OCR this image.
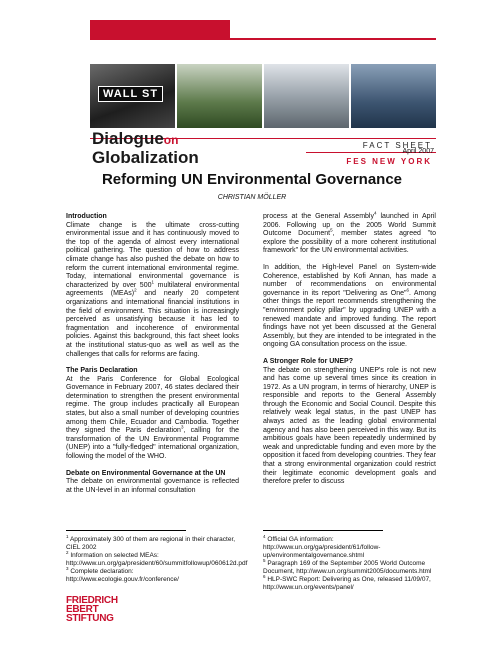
WALL ST
Dialogueon
Globalization
FACT SHEET
FES NEW YORK
April 2007
Reforming UN Environmental Governance
CHRISTIAN MÖLLER
Introduction

Climate change is the ultimate cross-cutting environmental issue and it has continuously moved to the top of the agenda of almost every international political gathering. The question of how to address climate change has also pushed the debate on how to reform the current international environmental regime. Today, international environmental governance is characterized by over $500^1$ multilateral environmental agreements (MEAs)$^2$ and nearly 20 competent organizations and international financial institutions in the field of environment. This situation is increasingly perceived as unsatisfying because it has led to fragmentation and incoherence of environmental policies. Against this background, this fact sheet looks at the institutional status-quo as well as well as the challenges that calls for reforms are facing.

The Paris Declaration

At the Paris Conference for Global Ecological Governance in February 2007, 46 states declared their determination to strengthen the present environmental regime. The group includes practically all European states, but also a small number of developing countries among them Chile, Ecuador and Cambodia. Together they signed the Paris declaration$^3$, calling for the transformation of the UN Environmental Programme (UNEP) into a "fully-fledged" international organization, following the model of the WHO.

Debate on Environmental Governance at the UN

The debate on environmental governance is reflected at the UN-level in an informal consultation

process at the General Assembly$^4$ launched in April 2006. Following up on the 2005 World Summit Outcome Document$^5$, member states agreed "to explore the possibility of a more coherent institutional framework" for the UN environmental activities.

In addition, the High-level Panel on System-wide Coherence, established by Kofi Annan, has made a number of recommendations on environmental governance in its report "Delivering as One"$^6$. Among other things the report recommends strengthening the "environment policy pillar" by upgrading UNEP with a renewed mandate and improved funding. The report findings have not yet been discussed at the General Assembly, but they are intended to be integrated in the ongoing GA consultation process on the issue.

A Stronger Role for UNEP?

The debate on strengthening UNEP's role is not new and has come up several times since its creation in 1972. As a UN program, in terms of hierarchy, UNEP is responsible and reports to the General Assembly through the Economic and Social Council. Despite this relatively weak legal status, in the past UNEP has always acted as the leading global environmental agency and has also been perceived in this way. But its ambitious goals have been repeatedly undermined by weak and unpredictable funding and even more by the opposition it faced from developing countries. They fear that a strong environmental organization could restrict their legitimate economic development goals and therefore prefer to discuss

$^1$ Approximately 300 of them are regional in their character, CIEL 2002
$^2$ Information on selected MEAs: http://www.un.org/ga/president/60/summitfollowup/060612d.pdf
$^3$ Complete declaration: http://www.ecologie.gouv.fr/conference/
$^4$ Official GA information: http://www.un.org/ga/president/61/follow-up/environmentalgovernance.shtml
$^5$ Paragraph 169 of the September 2005 World Outcome Document, http://www.un.org/summit2005/documents.html
$^6$ HLP-SWC Report: Delivering as One, released 11/09/07, http://www.un.org/events/panel/
FRIEDRICH
EBERT
STIFTUNG
